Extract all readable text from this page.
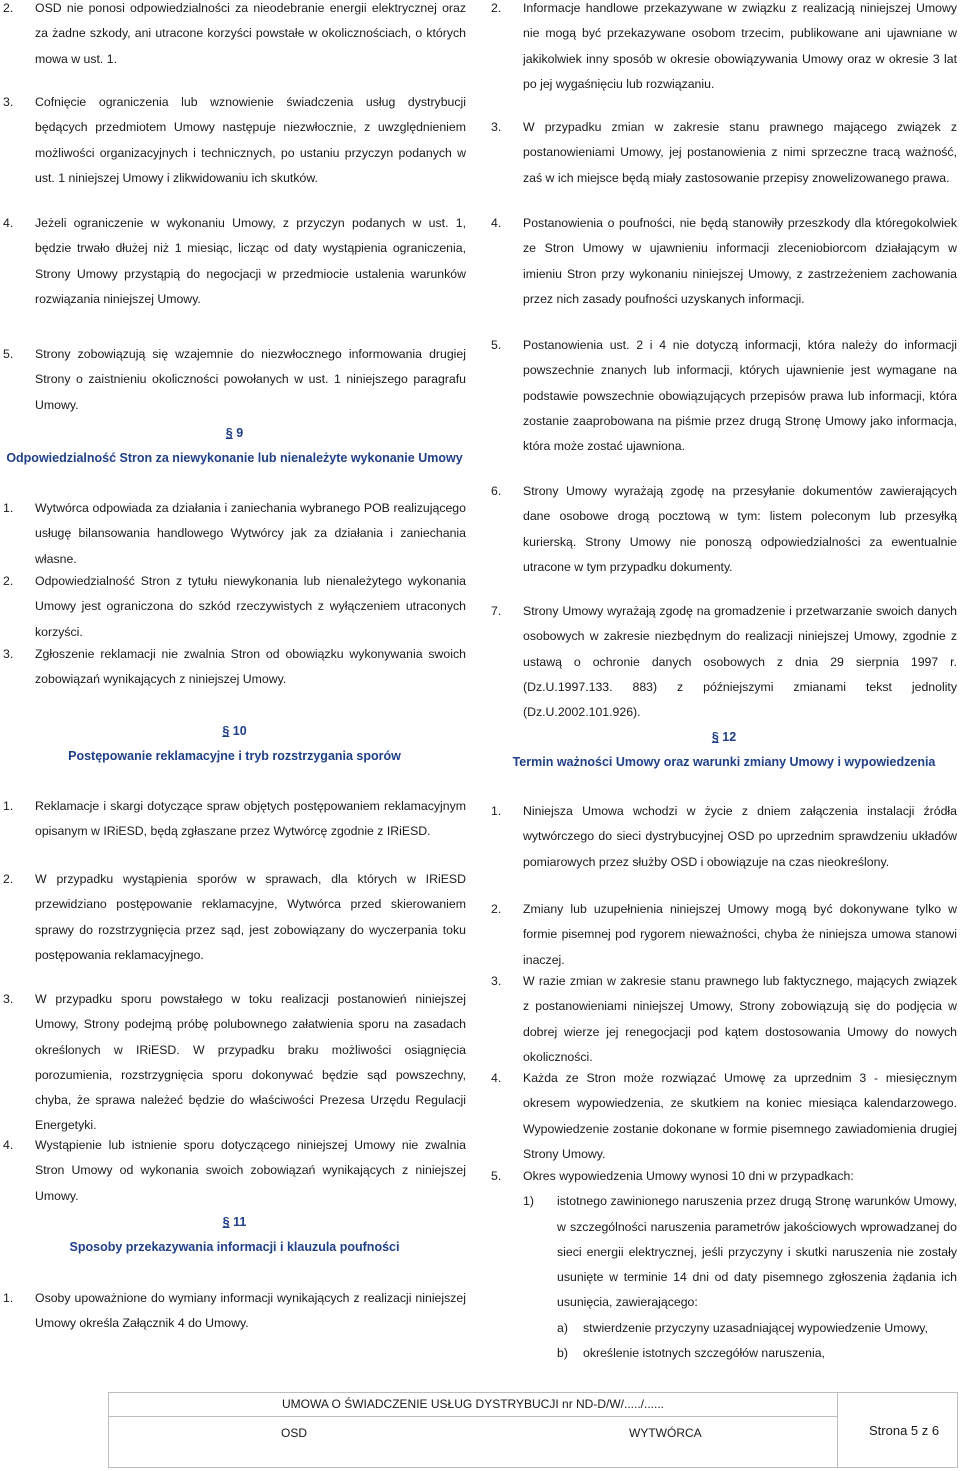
2.	OSD nie ponosi odpowiedzialności za nieodebranie energii elektrycznej oraz za żadne szkody, ani utracone korzyści powstałe w okolicznościach, o których mowa w ust. 1.
3.	Cofnięcie ograniczenia lub wznowienie świadczenia usług dystrybucji będących przedmiotem Umowy następuje niezwłocznie, z uwzględnieniem możliwości organizacyjnych i technicznych, po ustaniu przyczyn podanych w ust. 1 niniejszej Umowy i zlikwidowaniu ich skutków.
4.	Jeżeli ograniczenie w wykonaniu Umowy, z przyczyn podanych w ust. 1, będzie trwało dłużej niż 1 miesiąc, licząc od daty wystąpienia ograniczenia, Strony Umowy przystąpią do negocjacji w przedmiocie ustalenia warunków rozwiązania niniejszej Umowy.
5.	Strony zobowiązują się wzajemnie do niezwłocznego informowania drugiej Strony o zaistnieniu okoliczności powołanych w ust. 1 niniejszego paragrafu Umowy.
§ 9
Odpowiedzialność Stron za niewykonanie lub nienależyte wykonanie Umowy
1.	Wytwórca odpowiada za działania i zaniechania wybranego POB realizującego usługę bilansowania handlowego Wytwórcy jak za działania i zaniechania własne.
2.	Odpowiedzialność Stron z tytułu niewykonania lub nienależytego wykonania Umowy jest ograniczona do szkód rzeczywistych z wyłączeniem utraconych korzyści.
3.	Zgłoszenie reklamacji nie zwalnia Stron od obowiązku wykonywania swoich zobowiązań wynikających z niniejszej Umowy.
§ 10
Postępowanie reklamacyjne i tryb rozstrzygania sporów
1.	Reklamacje i skargi dotyczące spraw objętych postępowaniem reklamacyjnym opisanym w IRiESD, będą zgłaszane przez Wytwórcę zgodnie z IRiESD.
2.	W przypadku wystąpienia sporów w sprawach, dla których w IRiESD przewidziano postępowanie reklamacyjne, Wytwórca przed skierowaniem sprawy do rozstrzygnięcia przez sąd, jest zobowiązany do wyczerpania toku postępowania reklamacyjnego.
3.	W przypadku sporu powstałego w toku realizacji postanowień niniejszej Umowy, Strony podejmą próbę polubownego załatwienia sporu na zasadach określonych w IRiESD. W przypadku braku możliwości osiągnięcia porozumienia, rozstrzygnięcia sporu dokonywać będzie sąd powszechny, chyba, że sprawa należeć będzie do właściwości Prezesa Urzędu Regulacji Energetyki.
4.	Wystąpienie lub istnienie sporu dotyczącego niniejszej Umowy nie zwalnia Stron Umowy od wykonania swoich zobowiązań wynikających z niniejszej Umowy.
§ 11
Sposoby przekazywania informacji i klauzula poufności
1.	Osoby upoważnione do wymiany informacji wynikających z realizacji niniejszej Umowy określa Załącznik 4 do Umowy.
2.	Informacje handlowe przekazywane w związku z realizacją niniejszej Umowy nie mogą być przekazywane osobom trzecim, publikowane ani ujawniane w jakikolwiek inny sposób w okresie obowiązywania Umowy oraz w okresie 3 lat po jej wygaśnięciu lub rozwiązaniu.
3.	W przypadku zmian w zakresie stanu prawnego mającego związek z postanowieniami Umowy, jej postanowienia z nimi sprzeczne tracą ważność, zaś w ich miejsce będą miały zastosowanie przepisy znowelizowanego prawa.
4.	Postanowienia o poufności, nie będą stanowiły przeszkody dla któregokolwiek ze Stron Umowy w ujawnieniu informacji zleceniobiorcom działającym w imieniu Stron przy wykonaniu niniejszej Umowy, z zastrzeżeniem zachowania przez nich zasady poufności uzyskanych informacji.
5.	Postanowienia ust. 2 i 4 nie dotyczą informacji, która należy do informacji powszechnie znanych lub informacji, których ujawnienie jest wymagane na podstawie powszechnie obowiązujących przepisów prawa lub informacji, która zostanie zaaprobowana na piśmie przez drugą Stronę Umowy jako informacja, która może zostać ujawniona.
6.	Strony Umowy wyrażają zgodę na przesyłanie dokumentów zawierających dane osobowe drogą pocztową w tym: listem poleconym lub przesyłką kurierską. Strony Umowy nie ponoszą odpowiedzialności za ewentualnie utracone w tym przypadku dokumenty.
7.	Strony Umowy wyrażają zgodę na gromadzenie i przetwarzanie swoich danych osobowych w zakresie niezbędnym do realizacji niniejszej Umowy, zgodnie z ustawą o ochronie danych osobowych z dnia 29 sierpnia 1997 r. (Dz.U.1997.133. 883) z późniejszymi zmianami tekst jednolity (Dz.U.2002.101.926).
§ 12
Termin ważności Umowy oraz warunki zmiany Umowy i wypowiedzenia
1.	Niniejsza Umowa wchodzi w życie z dniem załączenia instalacji źródła wytwórczego do sieci dystrybucyjnej OSD po uprzednim sprawdzeniu układów pomiarowych przez służby OSD i obowiązuje na czas nieokreślony.
2.	Zmiany lub uzupełnienia niniejszej Umowy mogą być dokonywane tylko w formie pisemnej pod rygorem nieważności, chyba że niniejsza umowa stanowi inaczej.
3.	W razie zmian w zakresie stanu prawnego lub faktycznego, mających związek z postanowieniami niniejszej Umowy, Strony zobowiązują się do podjęcia w dobrej wierze jej renegocjacji pod kątem dostosowania Umowy do nowych okoliczności.
4.	Każda ze Stron może rozwiązać Umowę za uprzednim 3 - miesięcznym okresem wypowiedzenia, ze skutkiem na koniec miesiąca kalendarzowego. Wypowiedzenie zostanie dokonane w formie pisemnego zawiadomienia drugiej Strony Umowy.
5.	Okres wypowiedzenia Umowy wynosi 10 dni w przypadkach:
1)	istotnego zawinionego naruszenia przez drugą Stronę warunków Umowy, w szczególności naruszenia parametrów jakościowych wprowadzanej do sieci energii elektrycznej, jeśli przyczyny i skutki naruszenia nie zostały usunięte w terminie 14 dni od daty pisemnego zgłoszenia żądania ich usunięcia, zawierającego:
a)	stwierdzenie przyczyny uzasadniającej wypowiedzenie Umowy,
b)	określenie istotnych szczegółów naruszenia,
UMOWA O ŚWIADCZENIE USŁUG DYSTRYBUCJI nr ND-D/W/...../......
OSD	WYTWÓRCA	Strona 5 z 6
